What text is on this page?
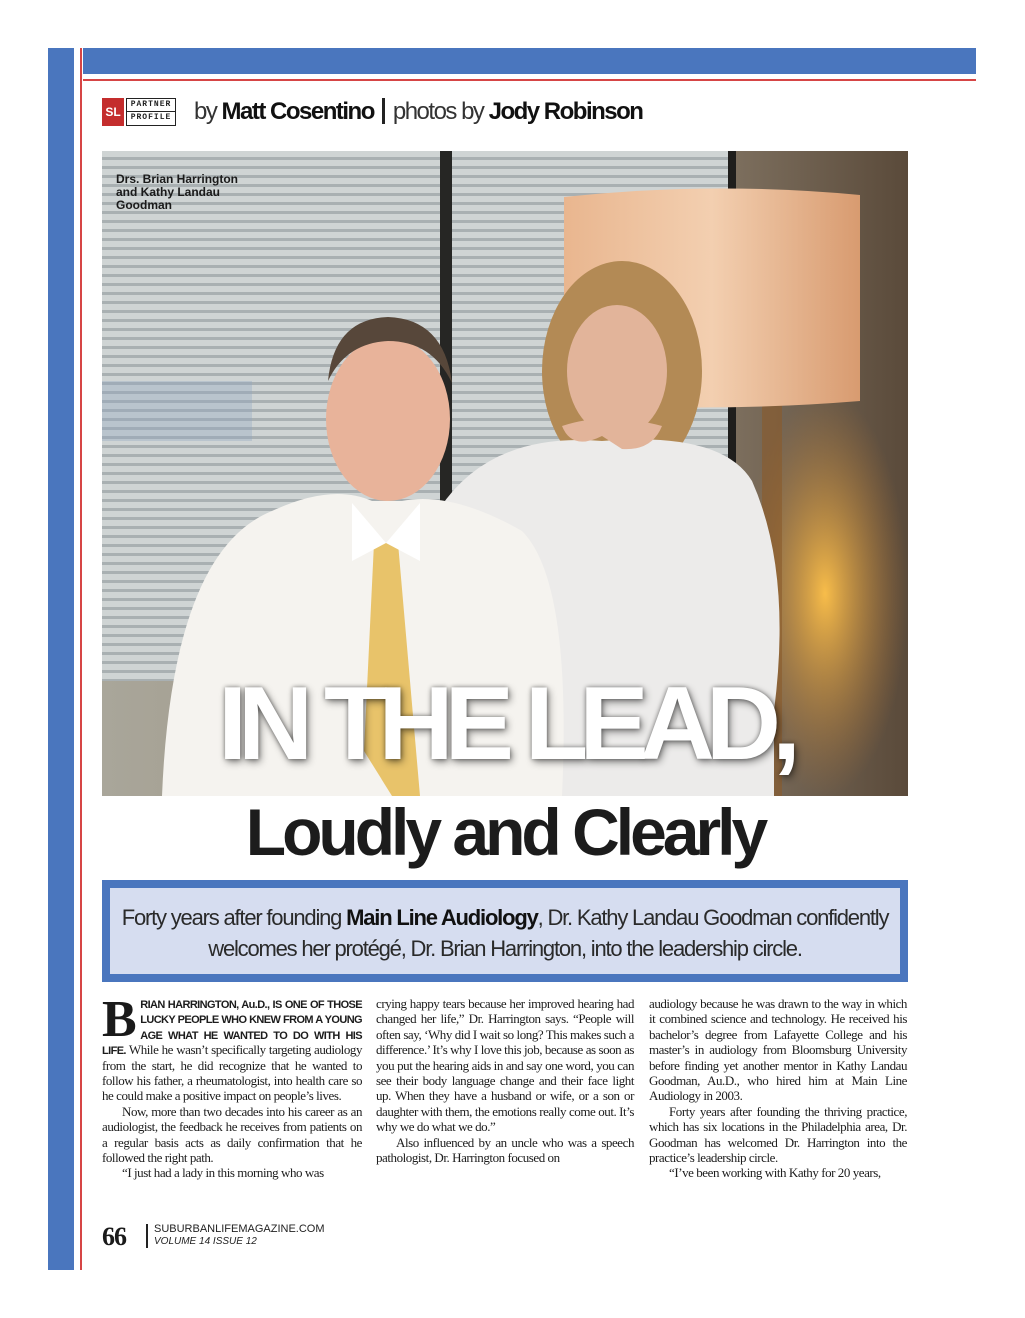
SL
PARTNER
PROFILE by Matt Cosentino photos by Jody Robinson
Drs. Brian Harrington
and Kathy Landau
Goodman
IN THE LEAD,
Loudly and Clearly
Forty years after founding Main Line Audiology, Dr. Kathy Landau Goodman confidently welcomes her protégé, Dr. Brian Harrington, into the leadership circle.

BRIAN HARRINGTON, Au.D., IS ONE OF THOSE LUCKY PEOPLE WHO KNEW FROM A YOUNG AGE WHAT HE WANTED TO DO WITH HIS LIFE. While he wasn’t specifically targeting audiology from the start, he did recognize that he wanted to follow his father, a rheumatologist, into health care so he could make a positive impact on people’s lives.

Now, more than two decades into his career as an audiologist, the feedback he receives from patients on a regular basis acts as daily confirmation that he followed the right path.

“I just had a lady in this morning who was

crying happy tears because her improved hearing had changed her life,” Dr. Harrington says. “People will often say, ‘Why did I wait so long? This makes such a difference.’ It’s why I love this job, because as soon as you put the hearing aids in and say one word, you can see their body language change and their face light up. When they have a husband or wife, or a son or daughter with them, the emotions really come out. It’s why we do what we do.”

Also influenced by an uncle who was a speech pathologist, Dr. Harrington focused on

audiology because he was drawn to the way in which it combined science and technology. He received his bachelor’s degree from Lafayette College and his master’s in audiology from Bloomsburg University before finding yet another mentor in Kathy Landau Goodman, Au.D., who hired him at Main Line Audiology in 2003.

Forty years after founding the thriving practice, which has six locations in the Philadelphia area, Dr. Goodman has welcomed Dr. Harrington into the practice’s leadership circle.

“I’ve been working with Kathy for 20 years,

66	SUBURBANLIFEMAGAZINE.COM
VOLUME 14 ISSUE 12
